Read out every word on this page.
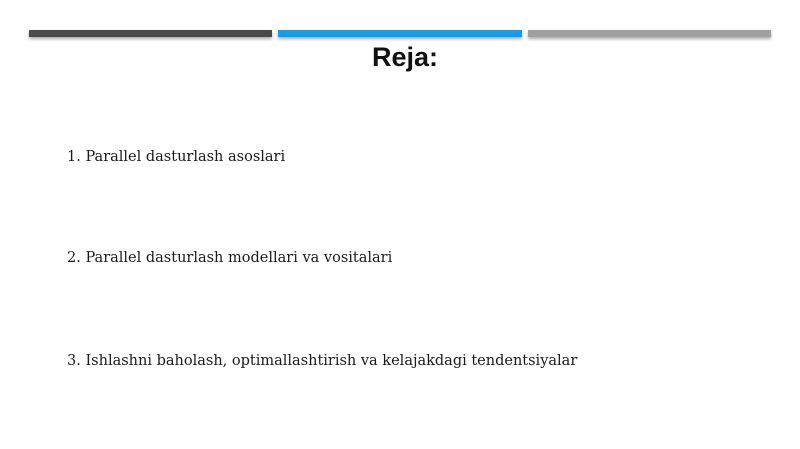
Reja:
1. Parallel dasturlash asoslari
2. Parallel dasturlash modellari va vositalari
3. Ishlashni baholash, optimallashtirish va kelajakdagi tendentsiyalar
